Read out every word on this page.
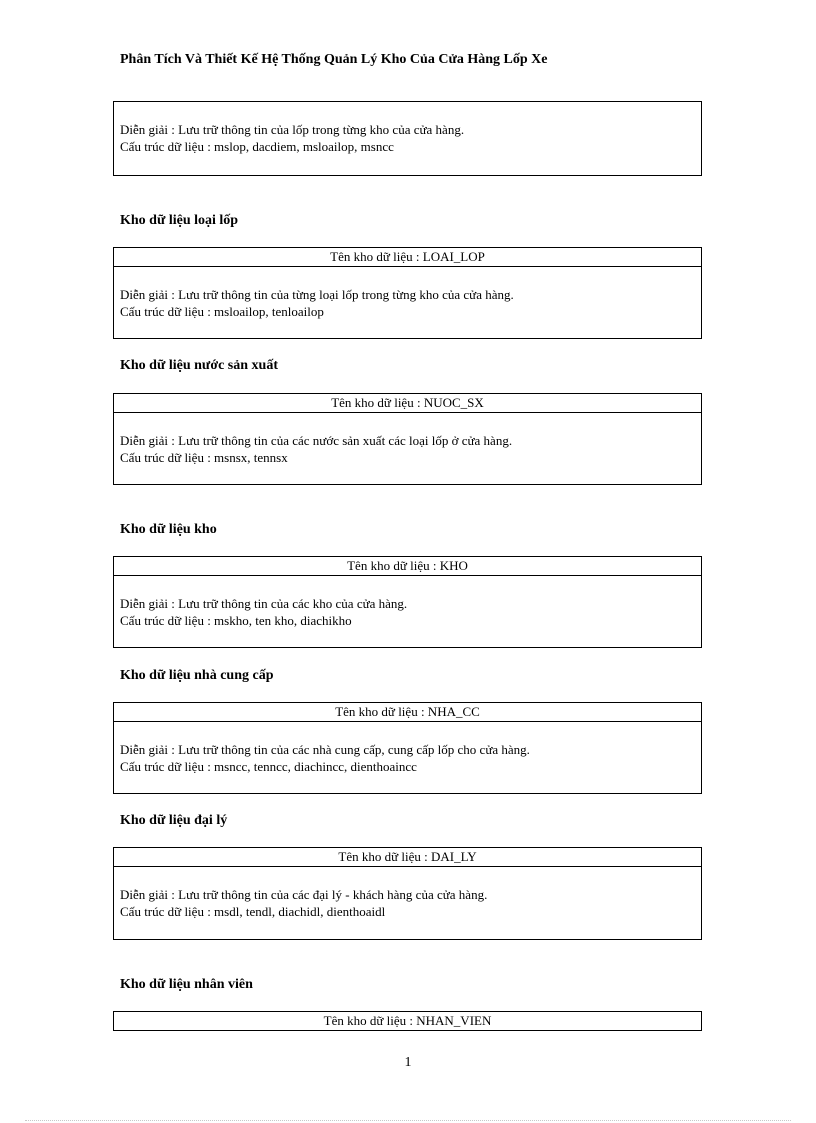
Phân Tích Và Thiết Kế Hệ Thống Quản Lý Kho Của Cửa Hàng Lốp Xe
Diễn giải : Lưu trữ thông tin của lốp trong từng kho của cửa hàng.
Cấu trúc dữ liệu : mslop, dacdiem, msloailop, msncc
Kho dữ liệu loại lốp
Tên kho dữ liệu : LOAI_LOP
Diễn giải : Lưu trữ thông tin của từng loại lốp trong từng kho của cửa hàng.
Cấu trúc dữ liệu : msloailop, tenloailop
Kho dữ liệu nước sản xuất
Tên kho dữ liệu : NUOC_SX
Diễn giải : Lưu trữ thông tin của các nước sản xuất các loại lốp ở cửa hàng.
Cấu trúc dữ liệu : msnsx, tennsx
Kho dữ liệu kho
Tên kho dữ liệu : KHO
Diễn giải : Lưu trữ thông tin của các kho của cửa hàng.
Cấu trúc dữ liệu : mskho, ten kho, diachikho
Kho dữ liệu nhà cung cấp
Tên kho dữ liệu : NHA_CC
Diễn giải : Lưu trữ thông tin của các nhà cung cấp, cung cấp lốp cho cửa hàng.
Cấu trúc dữ liệu : msncc, tenncc, diachincc, dienthoaincc
Kho dữ liệu đại lý
Tên kho dữ liệu : DAI_LY
Diễn giải : Lưu trữ thông tin của các đại lý - khách hàng của cửa hàng.
Cấu trúc dữ liệu : msdl, tendl, diachidl, dienthoaidl
Kho dữ liệu nhân viên
Tên kho dữ liệu : NHAN_VIEN
1
